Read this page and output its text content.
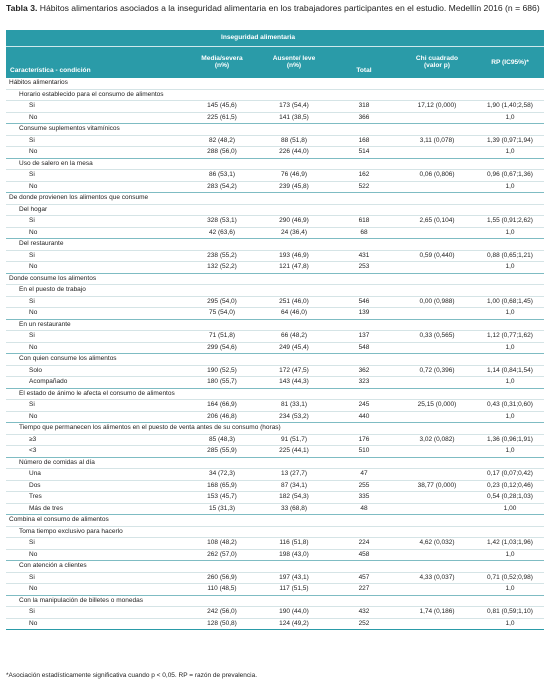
Tabla 3. Hábitos alimentarios asociados a la inseguridad alimentaria en los trabajadores participantes en el estudio. Medellín 2016 (n = 686)
	Inseguridad alimentaria				
Característica - condición	Media/severa (n%)	Ausente/ leve (n%)	Total	Chi cuadrado (valor p)	RP (IC95%)*
Hábitos alimentarios					
Horario establecido para el consumo de alimentos					
Si	145 (45,6)	173 (54,4)	318	17,12 (0,000)	1,90 (1,40;2,58)
No	225 (61,5)	141 (38,5)	366		1,0
Consume suplementos vitamínicos					
Si	82 (48,2)	88 (51,8)	168	3,11 (0,078)	1,39 (0,97;1,94)
No	288 (56,0)	226 (44,0)	514		1,0
Uso de salero en la mesa					
Si	86 (53,1)	76 (46,9)	162	0,06 (0,806)	0,96 (0,67;1,36)
No	283 (54,2)	239 (45,8)	522		1,0
De donde provienen los alimentos que consume					
Del hogar					
Si	328 (53,1)	290 (46,9)	618	2,65 (0,104)	1,55 (0,91;2,62)
No	42 (63,6)	24 (36,4)	68		1,0
Del restaurante					
Si	238 (55,2)	193 (46,9)	431	0,59 (0,440)	0,88 (0,65;1,21)
No	132 (52,2)	121 (47,8)	253		1,0
Donde consume los alimentos					
En el puesto de trabajo					
Si	295 (54,0)	251 (46,0)	546	0,00 (0,988)	1,00 (0,68;1,45)
No	75 (54,0)	64 (46,0)	139		1,0
En un restaurante					
Si	71 (51,8)	66 (48,2)	137	0,33 (0,565)	1,12 (0,77;1,62)
No	299 (54,6)	249 (45,4)	548		1,0
Con quien consume los alimentos					
Solo	190 (52,5)	172 (47,5)	362	0,72 (0,396)	1,14 (0,84;1,54)
Acompañado	180 (55,7)	143 (44,3)	323		1,0
El estado de ánimo le afecta el consumo de alimentos					
Si	164 (66,9)	81 (33,1)	245	25,15 (0,000)	0,43 (0,31;0,60)
No	206 (46,8)	234 (53,2)	440		1,0
Tiempo que permanecen los alimentos en el puesto de venta antes de su consumo (horas)					
≥3	85 (48,3)	91 (51,7)	176	3,02 (0,082)	1,36 (0,96;1,91)
<3	285 (55,9)	225 (44,1)	510		1,0
Número de comidas al día					
Una	34 (72,3)	13 (27,7)	47		0,17 (0,07;0,42)
Dos	168 (65,9)	87 (34,1)	255	38,77 (0,000)	0,23 (0,12;0,46)
Tres	153 (45,7)	182 (54,3)	335		0,54 (0,28;1,03)
Más de tres	15 (31,3)	33 (68,8)	48		1,00
Combina el consumo de alimentos					
Toma tiempo exclusivo para hacerlo					
Si	108 (48,2)	116 (51,8)	224	4,62 (0,032)	1,42 (1,03;1,96)
No	262 (57,0)	198 (43,0)	458		1,0
Con atención a clientes					
Si	260 (56,9)	197 (43,1)	457	4,33 (0,037)	0,71 (0,52;0,98)
No	110 (48,5)	117 (51,5)	227		1,0
Con la manipulación de billetes o monedas					
Si	242 (56,0)	190 (44,0)	432	1,74 (0,186)	0,81 (0,59;1,10)
No	128 (50,8)	124 (49,2)	252		1,0
*Asociación estadísticamente significativa cuando p < 0,05. RP = razón de prevalencia.
